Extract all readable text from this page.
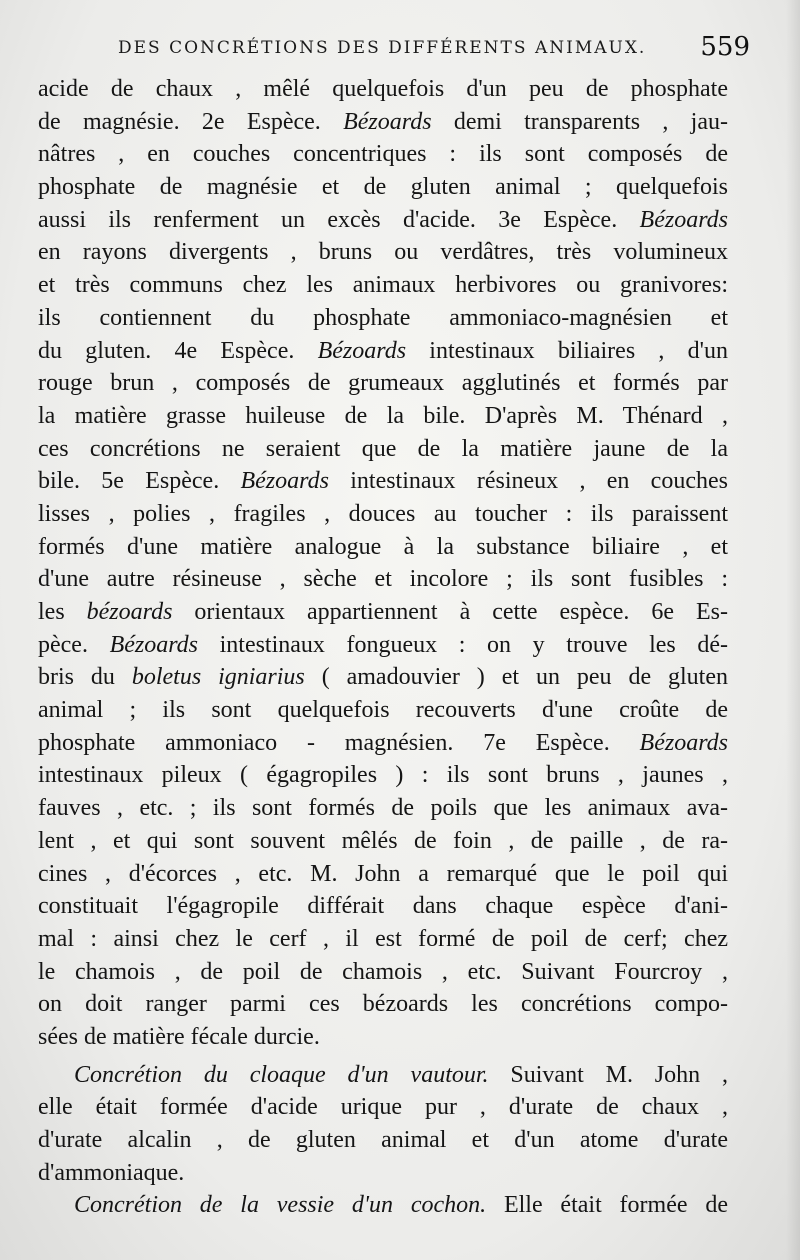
DES CONCRÉTIONS DES DIFFÉRENTS ANIMAUX. 559
acide de chaux , mêlé quelquefois d'un peu de phosphate
de magnésie. 2e Espèce. Bézoards demi transparents , jau-
nâtres , en couches concentriques : ils sont composés de
phosphate de magnésie et de gluten animal ; quelquefois
aussi ils renferment un excès d'acide. 3e Espèce. Bézoards
en rayons divergents , bruns ou verdâtres, très volumineux
et très communs chez les animaux herbivores ou granivores:
ils contiennent du phosphate ammoniaco-magnésien et
du gluten. 4e Espèce. Bézoards intestinaux biliaires , d'un
rouge brun , composés de grumeaux agglutinés et formés par
la matière grasse huileuse de la bile. D'après M. Thénard ,
ces concrétions ne seraient que de la matière jaune de la
bile. 5e Espèce. Bézoards intestinaux résineux , en couches
lisses , polies , fragiles , douces au toucher : ils paraissent
formés d'une matière analogue à la substance biliaire , et
d'une autre résineuse , sèche et incolore ; ils sont fusibles :
les bézoards orientaux appartiennent à cette espèce. 6e Es-
pèce. Bézoards intestinaux fongueux : on y trouve les dé-
bris du boletus igniarius ( amadouvier ) et un peu de gluten
animal ; ils sont quelquefois recouverts d'une croûte de
phosphate ammoniaco - magnésien. 7e Espèce. Bézoards
intestinaux pileux ( égagropiles ) : ils sont bruns , jaunes ,
fauves , etc. ; ils sont formés de poils que les animaux ava-
lent , et qui sont souvent mêlés de foin , de paille , de ra-
cines , d'écorces , etc. M. John a remarqué que le poil qui
constituait l'égagropile différait dans chaque espèce d'ani-
mal : ainsi chez le cerf , il est formé de poil de cerf; chez
le chamois , de poil de chamois , etc. Suivant Fourcroy ,
on doit ranger parmi ces bézoards les concrétions compo-
sées de matière fécale durcie.
Concrétion du cloaque d'un vautour. Suivant M. John ,
elle était formée d'acide urique pur , d'urate de chaux ,
d'urate alcalin , de gluten animal et d'un atome d'urate
d'ammoniaque.
Concrétion de la vessie d'un cochon. Elle était formée de
